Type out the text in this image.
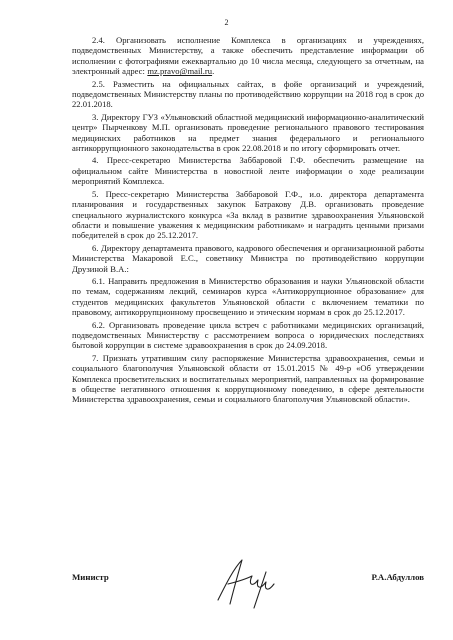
2

2.4. Организовать исполнение Комплекса в организациях и учреждениях, подведомственных Министерству, а также обеспечить представление информации об исполнении с фотографиями ежеквартально до 10 числа месяца, следующего за отчетным, на электронный адрес: mz.pravo@mail.ru.

2.5. Разместить на официальных сайтах, в фойе организаций и учреждений, подведомственных Министерству планы по противодействию коррупции на 2018 год в срок до 22.01.2018.

3. Директору ГУЗ «Ульяновский областной медицинский информационно-аналитический центр» Пырченкову М.П. организовать проведение регионального правового тестирования медицинских работников на предмет знания федерального и регионального антикоррупционного законодательства в срок 22.08.2018 и по итогу сформировать отчет.

4. Пресс-секретарю Министерства Заббаровой Г.Ф. обеспечить размещение на официальном сайте Министерства в новостной ленте информации о ходе реализации мероприятий Комплекса.

5. Пресс-секретарю Министерства Заббаровой Г.Ф., и.о. директора департамента планирования и государственных закупок Батракову Д.В. организовать проведение специального журналистского конкурса «За вклад в развитие здравоохранения Ульяновской области и повышение уважения к медицинским работникам» и наградить ценными призами победителей в срок до 25.12.2017.

6. Директору департамента правового, кадрового обеспечения и организационной работы Министерства Макаровой Е.С., советнику Министра по противодействию коррупции Друзиной В.А.:

6.1. Направить предложения в Министерство образования и науки Ульяновской области по темам, содержаниям лекций, семинаров курса «Антикоррупционное образование» для студентов медицинских факультетов Ульяновской области с включением тематики по правовому, антикоррупционному просвещению и этическим нормам в срок до 25.12.2017.

6.2. Организовать проведение цикла встреч с работниками медицинских организаций, подведомственных Министерству с рассмотрением вопроса о юридических последствиях бытовой коррупции в системе здравоохранения в срок до 24.09.2018.

7. Признать утратившим силу распоряжение Министерства здравоохранения, семьи и социального благополучия Ульяновской области от 15.01.2015 № 49-р «Об утверждении Комплекса просветительских и воспитательных мероприятий, направленных на формирование в обществе негативного отношения к коррупционному поведению, в сфере деятельности Министерства здравоохранения, семьи и социального благополучия Ульяновской области».

Министр	Р.А.Абдуллов
